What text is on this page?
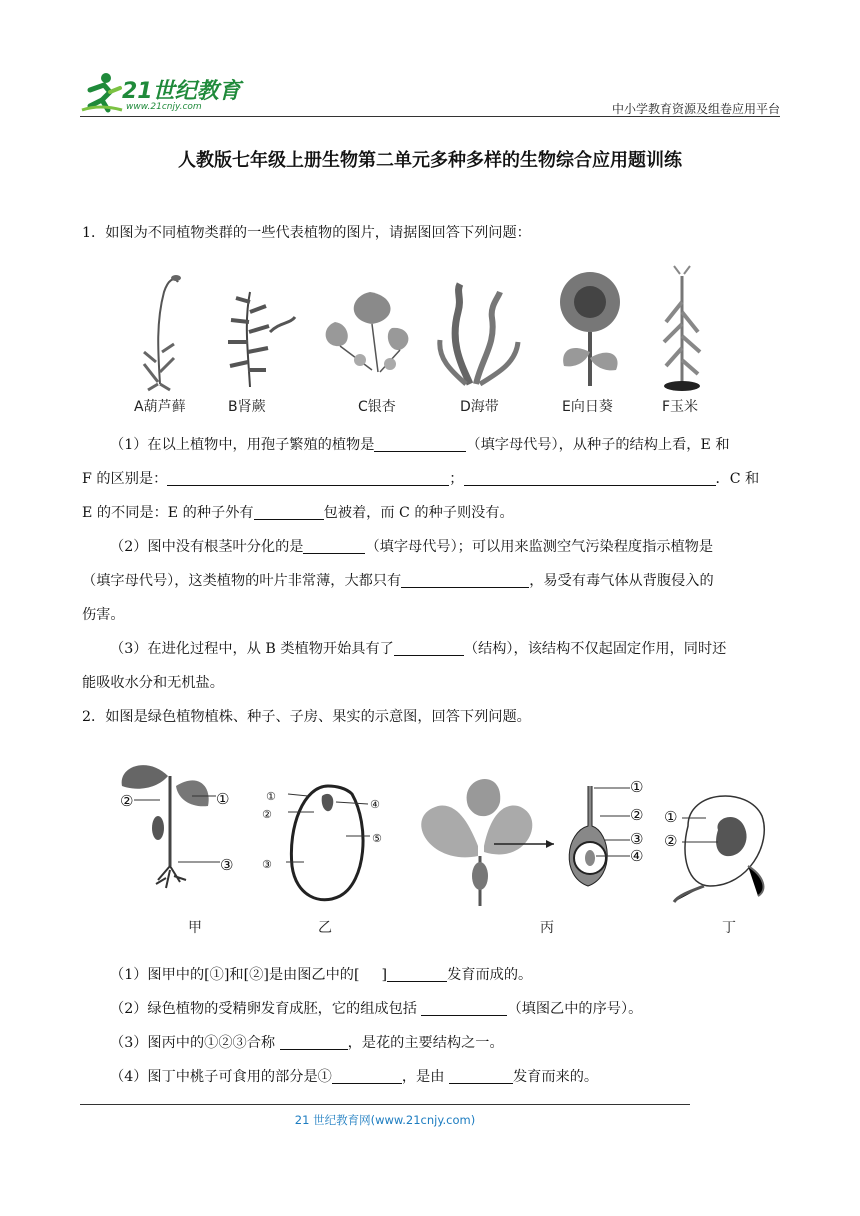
21世纪教育
www.21cnjy.com	中小学教育资源及组卷应用平台
人教版七年级上册生物第二单元多种多样的生物综合应用题训练
1．如图为不同植物类群的一些代表植物的图片，请据图回答下列问题：
A葫芦藓	B肾蕨	C银杏	D海带	E向日葵	F玉米
（1）在以上植物中，用孢子繁殖的植物是	（填字母代号），从种子的结构上看，E 和
F 的区别是：	；	．C 和
E 的不同是：E 的种子外有	包被着，而 C 的种子则没有。
（2）图中没有根茎叶分化的是	（填字母代号）；可以用来监测空气污染程度指示植物是
（填字母代号），这类植物的叶片非常薄，大都只有	，易受有毒气体从背腹侵入的
伤害。
（3）在进化过程中，从 B 类植物开始具有了	（结构），该结构不仅起固定作用，同时还
能吸收水分和无机盐。
2．如图是绿色植物植株、种子、子房、果实的示意图，回答下列问题。
①
②
③
①
②
③
④
⑤
①
②
③
④
①
②
甲	乙	丙	丁
（1）图甲中的[①]和[②]是由图乙中的[ ]	发育而成的。
（2）绿色植物的受精卵发育成胚，它的组成包括	（填图乙中的序号）。
（3）图丙中的①②③合称	，是花的主要结构之一。
（4）图丁中桃子可食用的部分是①	，是由	发育而来的。
21 世纪教育网(www.21cnjy.com)
